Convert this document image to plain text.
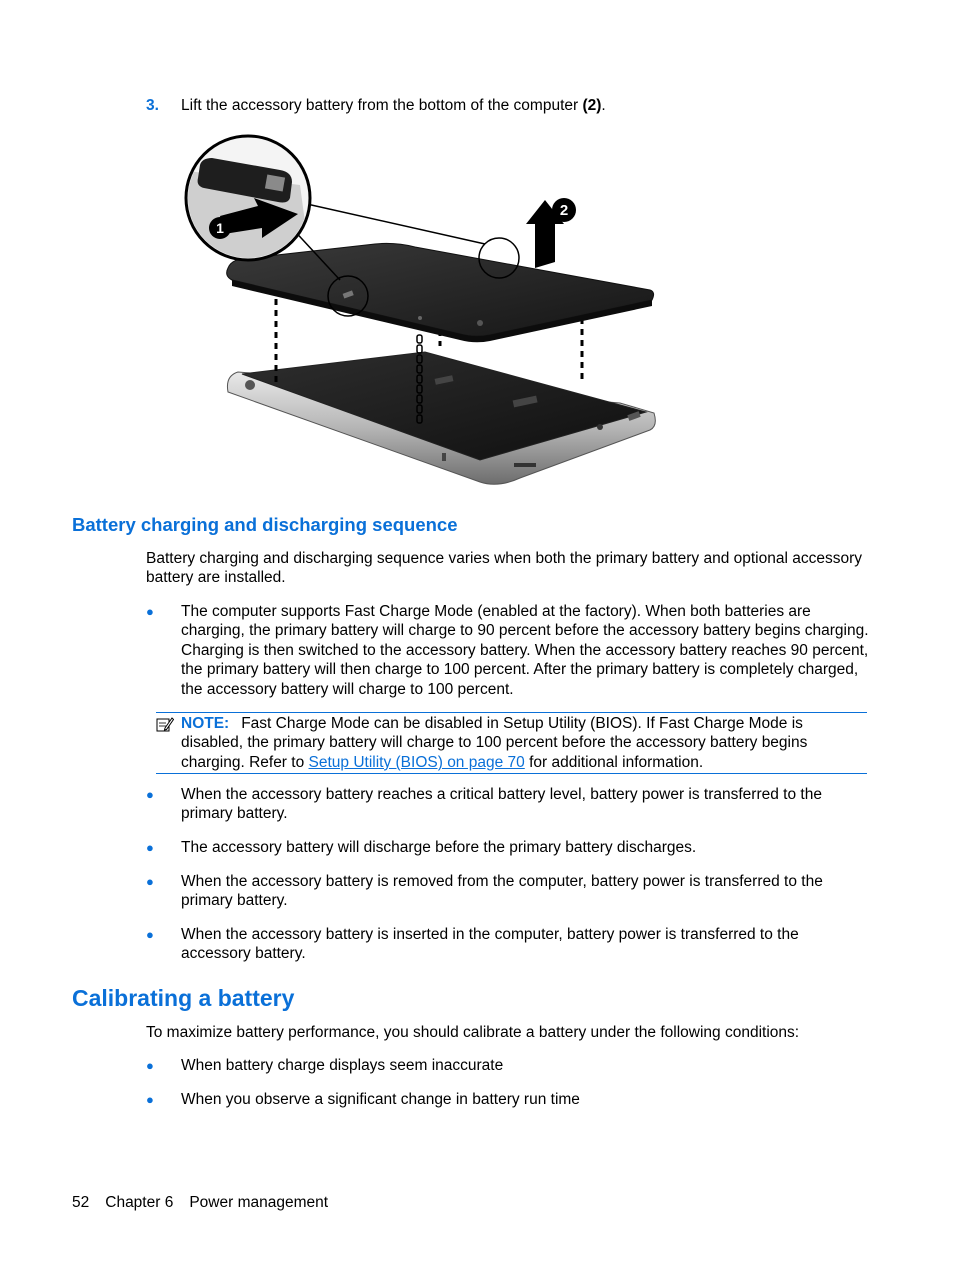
3. Lift the accessory battery from the bottom of the computer (2).
2
1
Battery charging and discharging sequence
Battery charging and discharging sequence varies when both the primary battery and optional accessory battery are installed.
● The computer supports Fast Charge Mode (enabled at the factory). When both batteries are charging, the primary battery will charge to 90 percent before the accessory battery begins charging. Charging is then switched to the accessory battery. When the accessory battery reaches 90 percent, the primary battery will then charge to 100 percent. After the primary battery is completely charged, the accessory battery will charge to 100 percent.
NOTE: Fast Charge Mode can be disabled in Setup Utility (BIOS). If Fast Charge Mode is disabled, the primary battery will charge to 100 percent before the accessory battery begins charging. Refer to Setup Utility (BIOS) on page 70 for additional information.
● When the accessory battery reaches a critical battery level, battery power is transferred to the primary battery.
● The accessory battery will discharge before the primary battery discharges.
● When the accessory battery is removed from the computer, battery power is transferred to the primary battery.
● When the accessory battery is inserted in the computer, battery power is transferred to the accessory battery.
Calibrating a battery
To maximize battery performance, you should calibrate a battery under the following conditions:
● When battery charge displays seem inaccurate
● When you observe a significant change in battery run time
52 Chapter 6 Power management
